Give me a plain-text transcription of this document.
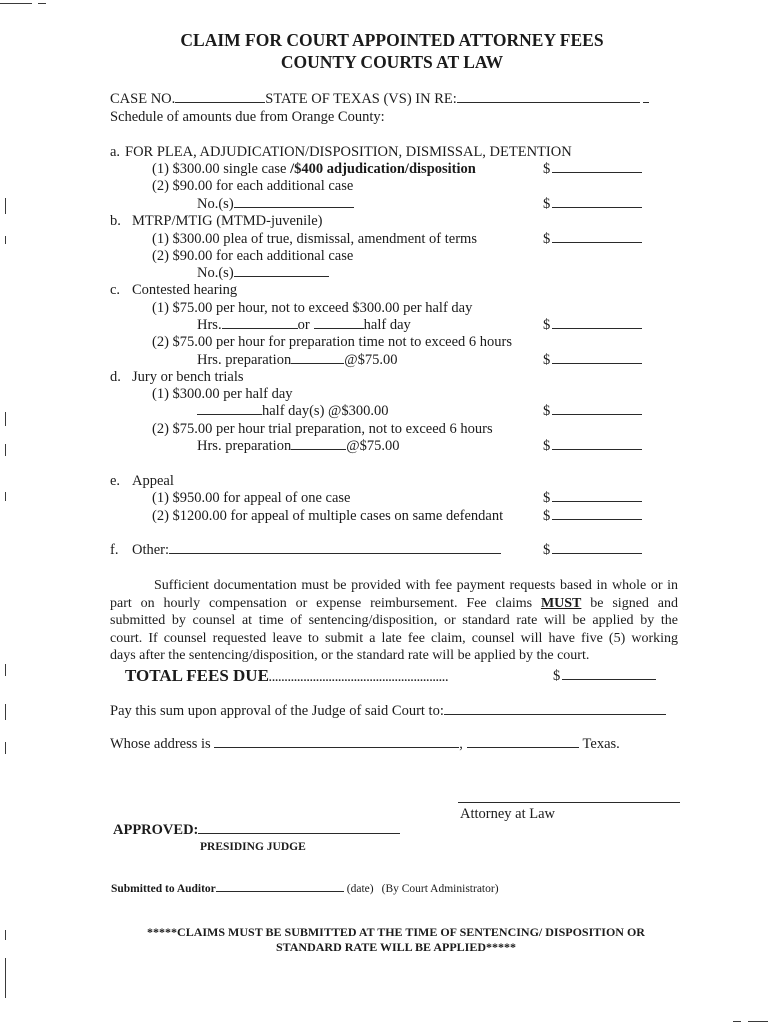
CLAIM FOR COURT APPOINTED ATTORNEY FEES
COUNTY COURTS AT LAW
CASE NO.	STATE OF TEXAS (VS) IN RE:
Schedule of amounts due from Orange County:
a. FOR PLEA, ADJUDICATION/DISPOSITION, DISMISSAL, DETENTION
(1) $300.00 single case /$400 adjudication/disposition	$
(2) $90.00 for each additional case
No.(s)	$
b. MTRP/MTIG (MTMD-juvenile)
(1) $300.00 plea of true, dismissal, amendment of terms	$
(2) $90.00 for each additional case
No.(s)
c. Contested hearing
(1) $75.00 per hour, not to exceed $300.00 per half day
Hrs.	or	half day	$
(2) $75.00 per hour for preparation time not to exceed 6 hours
Hrs. preparation	@$75.00	$
d. Jury or bench trials
(1) $300.00 per half day
half day(s) @$300.00	$
(2) $75.00 per hour trial preparation, not to exceed 6 hours
Hrs. preparation	@$75.00	$
e. Appeal
(1) $950.00 for appeal of one case	$
(2) $1200.00 for appeal of multiple cases on same defendant	$
f. Other:	$
Sufficient documentation must be provided with fee payment requests based in whole or in
part on hourly compensation or expense reimbursement. Fee claims MUST be signed and
submitted by counsel at time of sentencing/disposition, or standard rate will be applied by the
court. If counsel requested leave to submit a late fee claim, counsel will have five (5) working
days after the sentencing/disposition, or the standard rate will be applied by the court.
TOTAL FEES DUE.........................................................	$
Pay this sum upon approval of the Judge of said Court to:
Whose address is	,	Texas.
Attorney at Law
APPROVED:
PRESIDING JUDGE
Submitted to Auditor	(date) (By Court Administrator)
*****CLAIMS MUST BE SUBMITTED AT THE TIME OF SENTENCING/ DISPOSITION OR
STANDARD RATE WILL BE APPLIED*****
